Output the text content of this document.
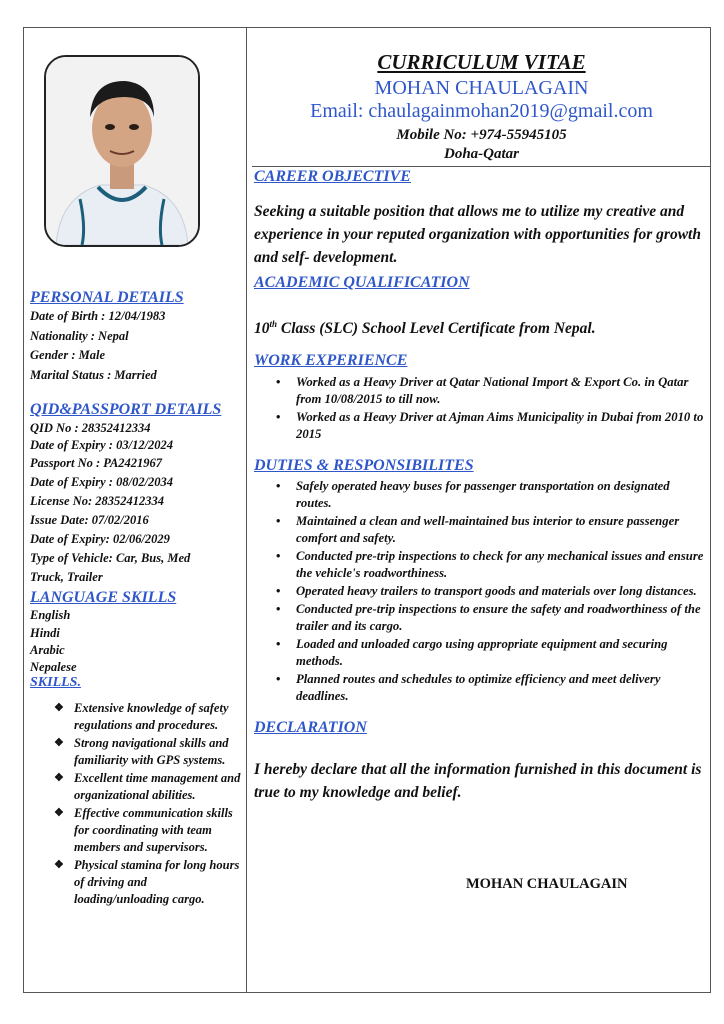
CURRICULUM VITAE
MOHAN CHAULAGAIN
Email: chaulagainmohan2019@gmail.com
Mobile No: +974-55945105
Doha-Qatar
PERSONAL DETAILS
Date of Birth : 12/04/1983
Nationality : Nepal
Gender : Male
Marital Status : Married
QID&PASSPORT DETAILS
QID No : 28352412334
Date of Expiry : 03/12/2024
Passport No : PA2421967
Date of Expiry : 08/02/2034
License No: 28352412334
Issue Date: 07/02/2016
Date of Expiry: 02/06/2029
Type of Vehicle: Car, Bus, Med
Truck, Trailer
LANGUAGE SKILLS
English
Hindi
Arabic
Nepalese
SKILLS.
❖ Extensive knowledge of safety regulations and procedures.
❖ Strong navigational skills and familiarity with GPS systems.
❖ Excellent time management and organizational abilities.
❖ Effective communication skills for coordinating with team members and supervisors.
❖ Physical stamina for long hours of driving and loading/unloading cargo.
CAREER OBJECTIVE
Seeking a suitable position that allows me to utilize my creative and experience in your reputed organization with opportunities for growth and self- development.
ACADEMIC QUALIFICATION
10th Class (SLC) School Level Certificate from Nepal.
WORK EXPERIENCE
• Worked as a Heavy Driver at Qatar National Import & Export Co. in Qatar from 10/08/2015 to till now.
• Worked as a Heavy Driver at Ajman Aims Municipality in Dubai from 2010 to 2015
DUTIES & RESPONSIBILITES
• Safely operated heavy buses for passenger transportation on designated routes.
• Maintained a clean and well-maintained bus interior to ensure passenger comfort and safety.
• Conducted pre-trip inspections to check for any mechanical issues and ensure the vehicle's roadworthiness.
• Operated heavy trailers to transport goods and materials over long distances.
• Conducted pre-trip inspections to ensure the safety and roadworthiness of the trailer and its cargo.
• Loaded and unloaded cargo using appropriate equipment and securing methods.
• Planned routes and schedules to optimize efficiency and meet delivery deadlines.
DECLARATION
I hereby declare that all the information furnished in this document is true to my knowledge and belief.
MOHAN CHAULAGAIN
